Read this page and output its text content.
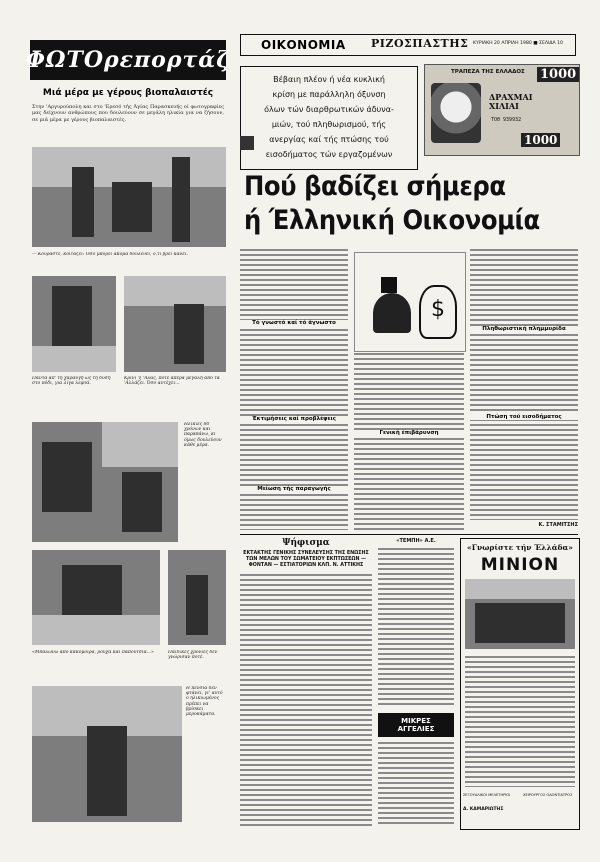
ΦΩΤΟρεπορτάζ
Μιά μέρα με γέρους βιοπαλαιστές
Στην 'Αργυρούπολη και στο 'Ερεσό τής Άγίας Παρασκευής οί φωτογραφίες μας δείχνουν ανθρώπους που δουλεύουν σε μεγάλη ηλικία για να ζήσουν, σε μιά μέρα με γέρους βιοπαλαιστές.
— Κουράστε, κοιτάζει: Όσο μπορεί ακόμα δουλεύει, ό,τι βρεί κάνει.
Πάντα απ' τη χαραυγή ώς τη δύση στο πόδι, για λίγα λεφτά.
Κρίνι 'ξ 'Αλάς, πότε απέρα μεγάλη από τα 'Αλλάζει. Όσο αντέχει...
Ηλικίες 80 χρόνων και παραπάνω, κι όμως δουλεύουν κάθε μέρα.
«Μπαλώνω από κακομοίρα, ρούχα και παπούτσια...»	Παιδικές χρόνιες δεν γνώρισαν ποτέ.
Η πένσια δεν φτάνει, γι' αυτό ο ηλικιωμένος πρέπει να βρίσκει μεροκάματα.
ΟΙΚΟΝΟΜΙΑ ΡΙΖΟΣΠΑΣΤΗΣ ΚΥΡΙΑΚΗ 20 ΑΠΡΙΛΗ 1980 ■ ΣΕΛΙΔΑ 10
Βέβαιη πλέον ή νέα κυκλική
κρίση με παράλληλη όξυνση
όλων τών διαρθρωτικών άδυνα-
μιών, τού πληθωρισμού, τής
ανεργίας καί τής πτώσης τού
εισοδήματος τών εργαζομένων
ΤΡΑΠΕΖΑ ΤΗΣ ΕΛΛΑΔΟΣ 1000
ΔΡΑΧΜΑΙ ΧΙΛΙΑΙ
ΤΟΘ 939932
1000
Πού βαδίζει σήμερα
ή Έλληνική Οικονομία
Τό γνωστό καί τό άγνωστο
Έκτιμήσεις καί προβλέψεις
Μείωση τής παραγωγής
$
Γενική έπιβάρυνση
Πληθωριστική πλημμυρίδα
Πτώση τού εισοδήματος
Κ. ΣΤΑΜΙΤΣΗΣ
Ψήφισμα
ΕΚΤΑΚΤΗΣ ΓΕΝΙΚΗΣ ΣΥΝΕΛΕΥΣΗΣ ΤΗΣ ΕΝΩΣΗΣ ΤΩΝ ΜΕΛΩΝ ΤΟΥ ΣΩΜΑΤΕΙΟΥ ΕΚΠΤΩΣΕΩΝ — ΦΟΝΤΑΝ — ΕΣΤΙΑΤΟΡΙΩΝ ΚΛΠ. Ν. ΑΤΤΙΚΗΣ
«ΤΕΜΠΗ» Α.Ε.
ΜΙΚΡΕΣ ΑΓΓΕΛΙΕΣ
«Γνωρίστε τήν Έλλάδα»
ΜΙΝΙΟΝ
ΣΕΞΟΥΑΛΙΚΟΙ ΜΕΛΕΤΗΡΙΟΙ
Δ. ΚΑΜΑΡΙΩΤΗΣ
ΧΕΙΡΟΥΡΓΟΣ ΟΔΟΝΤΙΑΤΡΟΣ
